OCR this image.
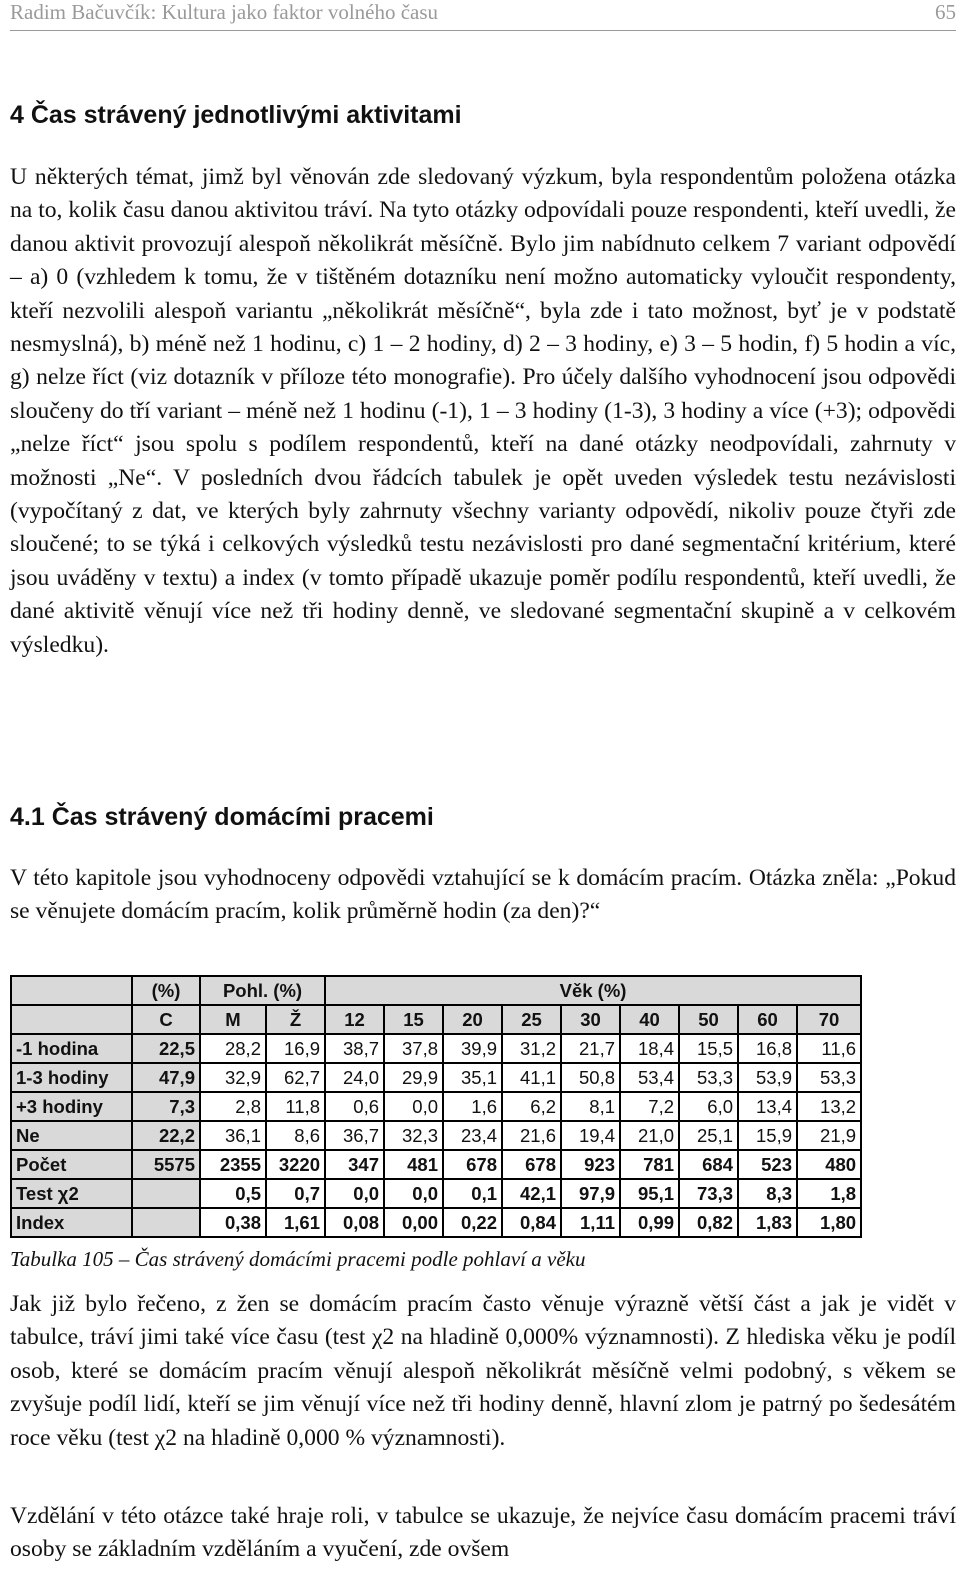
Radim Bačuvčík: Kultura jako faktor volného času	65
4 Čas strávený jednotlivými aktivitami

U některých témat, jimž byl věnován zde sledovaný výzkum, byla respondentům položena otázka na to, kolik času danou aktivitou tráví. Na tyto otázky odpovídali pouze respondenti, kteří uvedli, že danou aktivit provozují alespoň několikrát měsíčně. Bylo jim nabídnuto celkem 7 variant odpovědí – a) 0 (vzhledem k tomu, že v tištěném dotazníku není možno automaticky vyloučit respondenty, kteří nezvolili alespoň variantu „několikrát měsíčně“, byla zde i tato možnost, byť je v podstatě nesmyslná), b) méně než 1 hodinu, c) 1 – 2 hodiny, d) 2 – 3 hodiny, e) 3 – 5 hodin, f) 5 hodin a víc, g) nelze říct (viz dotazník v příloze této monografie). Pro účely dalšího vyhodnocení jsou odpovědi sloučeny do tří variant – méně než 1 hodinu (-1), 1 – 3 hodiny (1-3), 3 hodiny a více (+3); odpovědi „nelze říct“ jsou spolu s podílem respondentů, kteří na dané otázky neodpovídali, zahrnuty v možnosti „Ne“. V posledních dvou řádcích tabulek je opět uveden výsledek testu nezávislosti (vypočítaný z dat, ve kterých byly zahrnuty všechny varianty odpovědí, nikoliv pouze čtyři zde sloučené; to se týká i celkových výsledků testu nezávislosti pro dané segmentační kritérium, které jsou uváděny v textu) a index (v tomto případě ukazuje poměr podílu respondentů, kteří uvedli, že dané aktivitě věnují více než tři hodiny denně, ve sledované segmentační skupině a v celkovém výsledku).

4.1 Čas strávený domácími pracemi

V této kapitole jsou vyhodnoceny odpovědi vztahující se k domácím pracím. Otázka zněla: „Pokud se věnujete domácím pracím, kolik průměrně hodin (za den)?“

	(%)	Pohl. (%)		Věk (%)								
	C	M	Ž	12	15	20	25	30	40	50	60	70
-1 hodina	22,5	28,2	16,9	38,7	37,8	39,9	31,2	21,7	18,4	15,5	16,8	11,6
1-3 hodiny	47,9	32,9	62,7	24,0	29,9	35,1	41,1	50,8	53,4	53,3	53,9	53,3
+3 hodiny	7,3	2,8	11,8	0,6	0,0	1,6	6,2	8,1	7,2	6,0	13,4	13,2
Ne	22,2	36,1	8,6	36,7	32,3	23,4	21,6	19,4	21,0	25,1	15,9	21,9
Počet	5575	2355	3220	347	481	678	678	923	781	684	523	480
Test χ2		0,5	0,7	0,0	0,0	0,1	42,1	97,9	95,1	73,3	8,3	1,8
Index		0,38	1,61	0,08	0,00	0,22	0,84	1,11	0,99	0,82	1,83	1,80
Tabulka 105 – Čas strávený domácími pracemi podle pohlaví a věku

Jak již bylo řečeno, z žen se domácím pracím často věnuje výrazně větší část a jak je vidět v tabulce, tráví jimi také více času (test χ2 na hladině 0,000% významnosti). Z hlediska věku je podíl osob, které se domácím pracím věnují alespoň několikrát měsíčně velmi podobný, s věkem se zvyšuje podíl lidí, kteří se jim věnují více než tři hodiny denně, hlavní zlom je patrný po šedesátém roce věku (test χ2 na hladině 0,000 % významnosti).

Vzdělání v této otázce také hraje roli, v tabulce se ukazuje, že nejvíce času domácím pracemi tráví osoby se základním vzděláním a vyučení, zde ovšem
